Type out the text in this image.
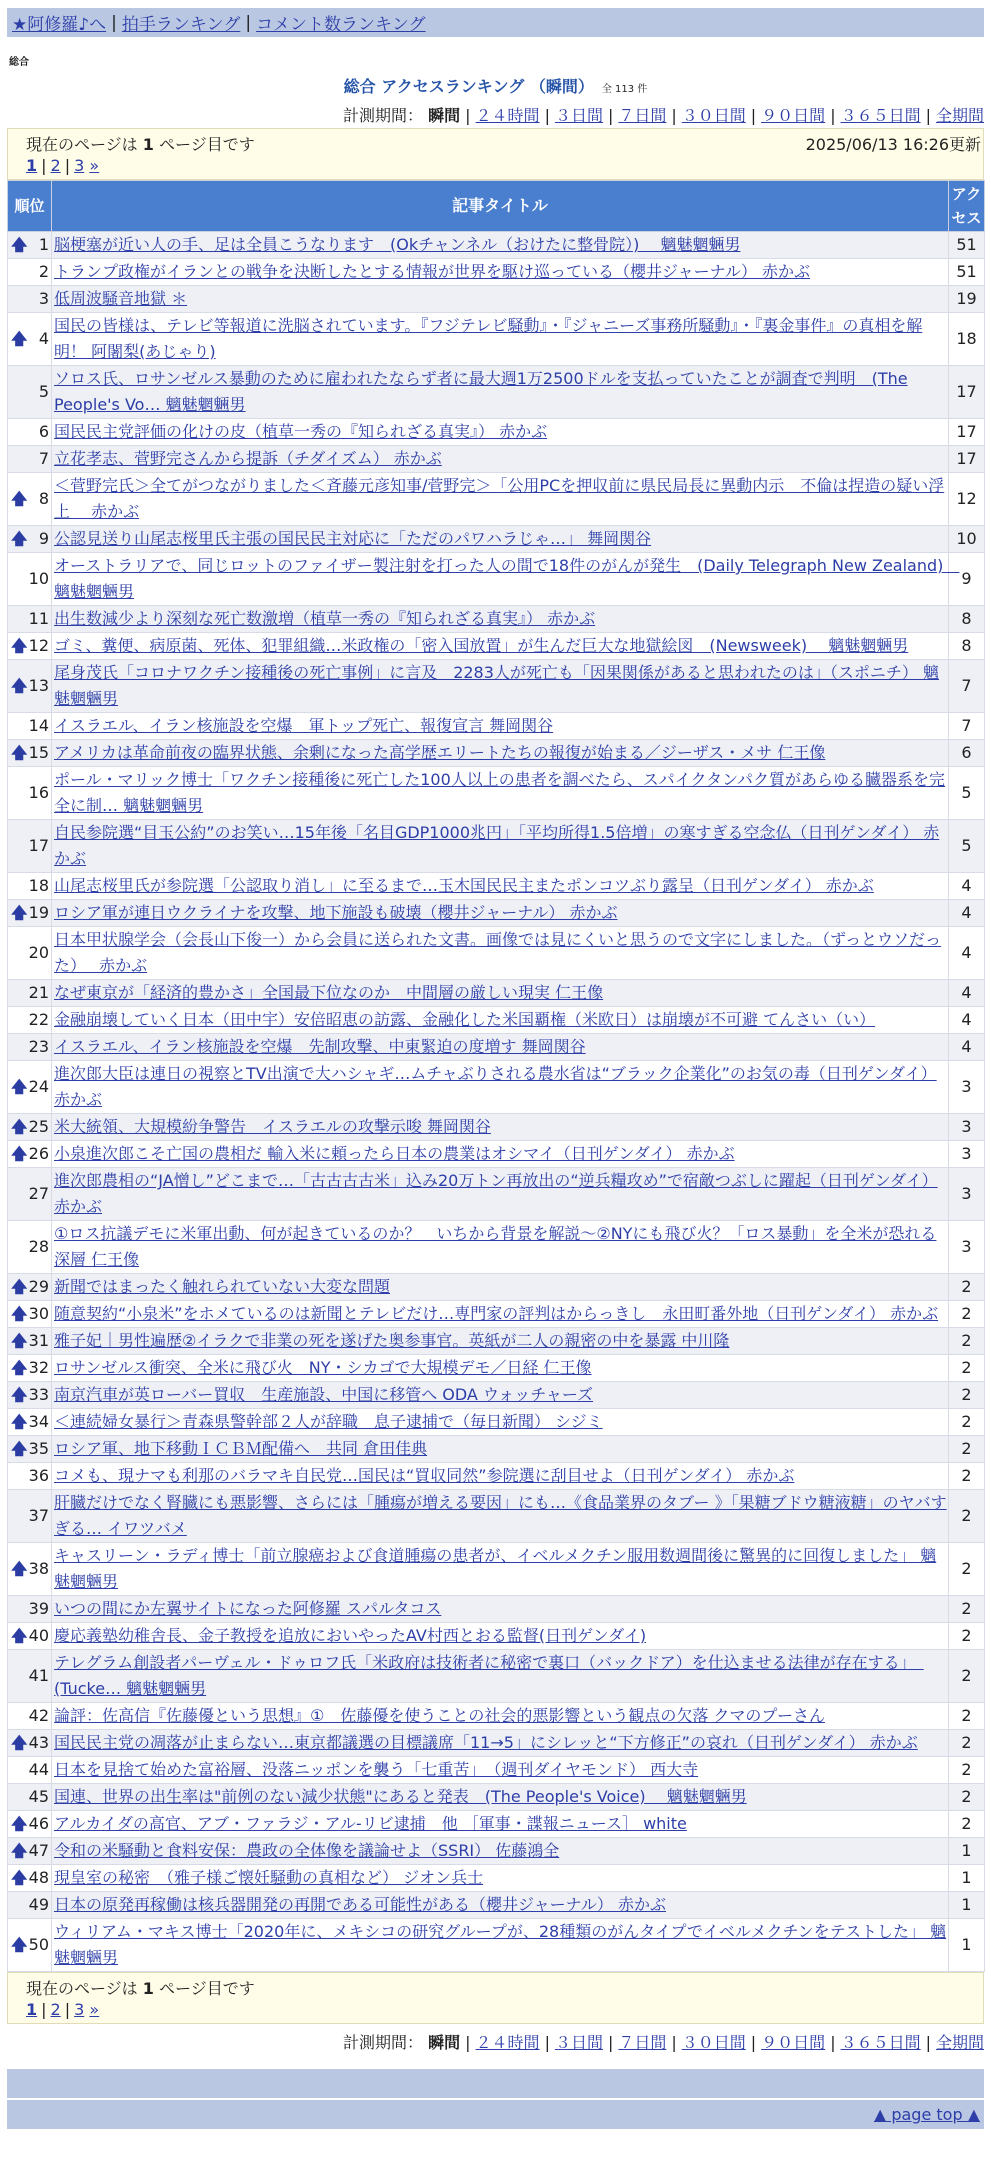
★阿修羅♪へ | 拍手ランキング | コメント数ランキング
総合
総合 アクセスランキング （瞬間） 全 113 件
計測期間： 瞬間 | ２４時間 | ３日間 | ７日間 | ３０日間 | ９０日間 | ３６５日間 | 全期間
現在のページは 1 ページ目です	2025/06/13 16:26更新
1 | 2 | 3 »
順位	記事タイトル	アクセス

🡅 1	脳梗塞が近い人の手、足は全員こうなります　(Okチャンネル（おけたに整骨院）)　 魑魅魍魎男	51
2	トランプ政権がイランとの戦争を決断したとする情報が世界を駆け巡っている（櫻井ジャーナル） 赤かぶ	51
3	低周波騒音地獄 ＊	19

🡅 4	国民の皆様は、テレビ等報道に洗脳されています。『フジテレビ騒動』・『ジャニーズ事務所騒動』・『裏金事件』の真相を解明！ 阿闍梨(あじゃり)	18
5	ソロス氏、ロサンゼルス暴動のために雇われたならず者に最大週1万2500ドルを支払っていたことが調査で判明　(The People's Vo… 魑魅魍魎男	17
6	国民民主党評価の化けの皮（植草一秀の『知られざる真実』） 赤かぶ	17
7	立花孝志、菅野完さんから提訴（チダイズム） 赤かぶ	17

🡅 8	＜菅野完氏＞全てがつながりました＜斉藤元彦知事/菅野完＞「公用PCを押収前に県民局長に異動内示　不倫は捏造の疑い浮上　 赤かぶ	12

🡅 9	公認見送り山尾志桜里氏主張の国民民主対応に「ただのパワハラじゃ…」 舞岡関谷	10
10	オーストラリアで、同じロットのファイザー製注射を打った人の間で18件のがんが発生　(Daily Telegraph New Zealand)　魑魅魍魎男	9
11	出生数減少より深刻な死亡数激増（植草一秀の『知られざる真実』） 赤かぶ	8

🡅 12	ゴミ、糞便、病原菌、死体、犯罪組織…米政権の「密入国放置」が生んだ巨大な地獄絵図　(Newsweek)　 魑魅魍魎男	8

🡅 13	尾身茂氏「コロナワクチン接種後の死亡事例」に言及　2283人が死亡も「因果関係があると思われたのは」（スポニチ） 魑魅魍魎男	7
14	イスラエル、イラン核施設を空爆　軍トップ死亡、報復宣言 舞岡関谷	7

🡅 15	アメリカは革命前夜の臨界状態、余剰になった高学歴エリートたちの報復が始まる／ジーザス・メサ 仁王像	6
16	ポール・マリック博士「ワクチン接種後に死亡した100人以上の患者を調べたら、スパイクタンパク質があらゆる臓器系を完全に制… 魑魅魍魎男	5
17	自民参院選“目玉公約”のお笑い…15年後「名目GDP1000兆円」「平均所得1.5倍増」の寒すぎる空念仏（日刊ゲンダイ） 赤かぶ	5
18	山尾志桜里氏が参院選「公認取り消し」に至るまで…玉木国民民主またポンコツぶり露呈（日刊ゲンダイ） 赤かぶ	4

🡅 19	ロシア軍が連日ウクライナを攻撃、地下施設も破壊（櫻井ジャーナル） 赤かぶ	4
20	日本甲状腺学会（会長山下俊一）から会員に送られた文書。画像では見にくいと思うので文字にしました。（ずっとウソだった）　 赤かぶ	4
21	なぜ東京が「経済的豊かさ」全国最下位なのか　中間層の厳しい現実 仁王像	4
22	金融崩壊していく日本（田中宇）安倍昭恵の訪露、金融化した米国覇権（米欧日）は崩壊が不可避 てんさい（い）	4
23	イスラエル、イラン核施設を空爆　先制攻撃、中東緊迫の度増す 舞岡関谷	4

🡅 24	進次郎大臣は連日の視察とTV出演で大ハシャギ…ムチャぶりされる農水省は“ブラック企業化”のお気の毒（日刊ゲンダイ） 赤かぶ	3

🡅 25	米大統領、大規模紛争警告　イスラエルの攻撃示唆 舞岡関谷	3

🡅 26	小泉進次郎こそ亡国の農相だ 輸入米に頼ったら日本の農業はオシマイ（日刊ゲンダイ） 赤かぶ	3
27	進次郎農相の“JA憎し”どこまで…「古古古古米」込み20万トン再放出の“逆兵糧攻め”で宿敵つぶしに躍起（日刊ゲンダイ） 赤かぶ	3
28	①ロス抗議デモに米軍出動、何が起きているのか？　いちから背景を解説～②NYにも飛び火？「ロス暴動」を全米が恐れる深層 仁王像	3

🡅 29	新聞ではまったく触れられていない大変な問題	2

🡅 30	随意契約“小泉米”をホメているのは新聞とテレビだけ…専門家の評判はからっきし　永田町番外地（日刊ゲンダイ） 赤かぶ	2

🡅 31	雅子妃｜男性遍歴②イラクで非業の死を遂げた奥参事官。英紙が二人の親密の中を暴露 中川隆	2

🡅 32	ロサンゼルス衝突、全米に飛び火　NY・シカゴで大規模デモ／日経 仁王像	2

🡅 33	南京汽車が英ローバー買収　生産施設、中国に移管へ ODA ウォッチャーズ	2

🡅 34	＜連続婦女暴行＞青森県警幹部２人が辞職　息子逮捕で（毎日新聞） シジミ	2

🡅 35	ロシア軍、地下移動ＩＣＢＭ配備へ　共同 倉田佳典	2
36	コメも、現ナマも利那のバラマキ自民党…国民は“買収同然”参院選に刮目せよ（日刊ゲンダイ） 赤かぶ	2
37	肝臓だけでなく腎臓にも悪影響、さらには「腫瘍が増える要因」にも…《食品業界のタブー 》「果糖ブドウ糖液糖」のヤバすぎる… イワツバメ	2

🡅 38	キャスリーン・ラディ博士「前立腺癌および食道腫瘍の患者が、イベルメクチン服用数週間後に驚異的に回復しました」 魑魅魍魎男	2
39	いつの間にか左翼サイトになった阿修羅 スパルタコス	2

🡅 40	慶応義塾幼稚舎長、金子教授を追放においやったAV村西とおる監督(日刊ゲンダイ)	2
41	テレグラム創設者パーヴェル・ドゥロフ氏「米政府は技術者に秘密で裏口（バックドア）を仕込ませる法律が存在する」　(Tucke… 魑魅魍魎男	2
42	論評：佐高信『佐藤優という思想』①　佐藤優を使うことの社会的悪影響という観点の欠落 クマのプーさん	2

🡅 43	国民民主党の凋落が止まらない…東京都議選の目標議席「11→5」にシレッと“下方修正”の哀れ（日刊ゲンダイ） 赤かぶ	2
44	日本を見捨て始めた富裕層、没落ニッポンを襲う「七重苦」　（週刊ダイヤモンド） 西大寺	2
45	国連、世界の出生率は"前例のない減少状態"にあると発表　(The People's Voice)　 魑魅魍魎男	2

🡅 46	アルカイダの高官、アブ・ファラジ・アル-リビ逮捕　他 ［軍事・諜報ニュース］ white	2

🡅 47	令和の米騒動と食料安保：農政の全体像を議論せよ（SSRI） 佐藤鴻全	1

🡅 48	現皇室の秘密　（雅子様ご懐妊騒動の真相など） ジオン兵士	1
49	日本の原発再稼働は核兵器開発の再開である可能性がある（櫻井ジャーナル） 赤かぶ	1

🡅 50	ウィリアム・マキス博士「2020年に、メキシコの研究グループが、28種類のがんタイプでイベルメクチンをテストした」 魑魅魍魎男	1
現在のページは 1 ページ目です
1 | 2 | 3 »
計測期間： 瞬間 | ２４時間 | ３日間 | ７日間 | ３０日間 | ９０日間 | ３６５日間 | 全期間
▲ page top ▲
